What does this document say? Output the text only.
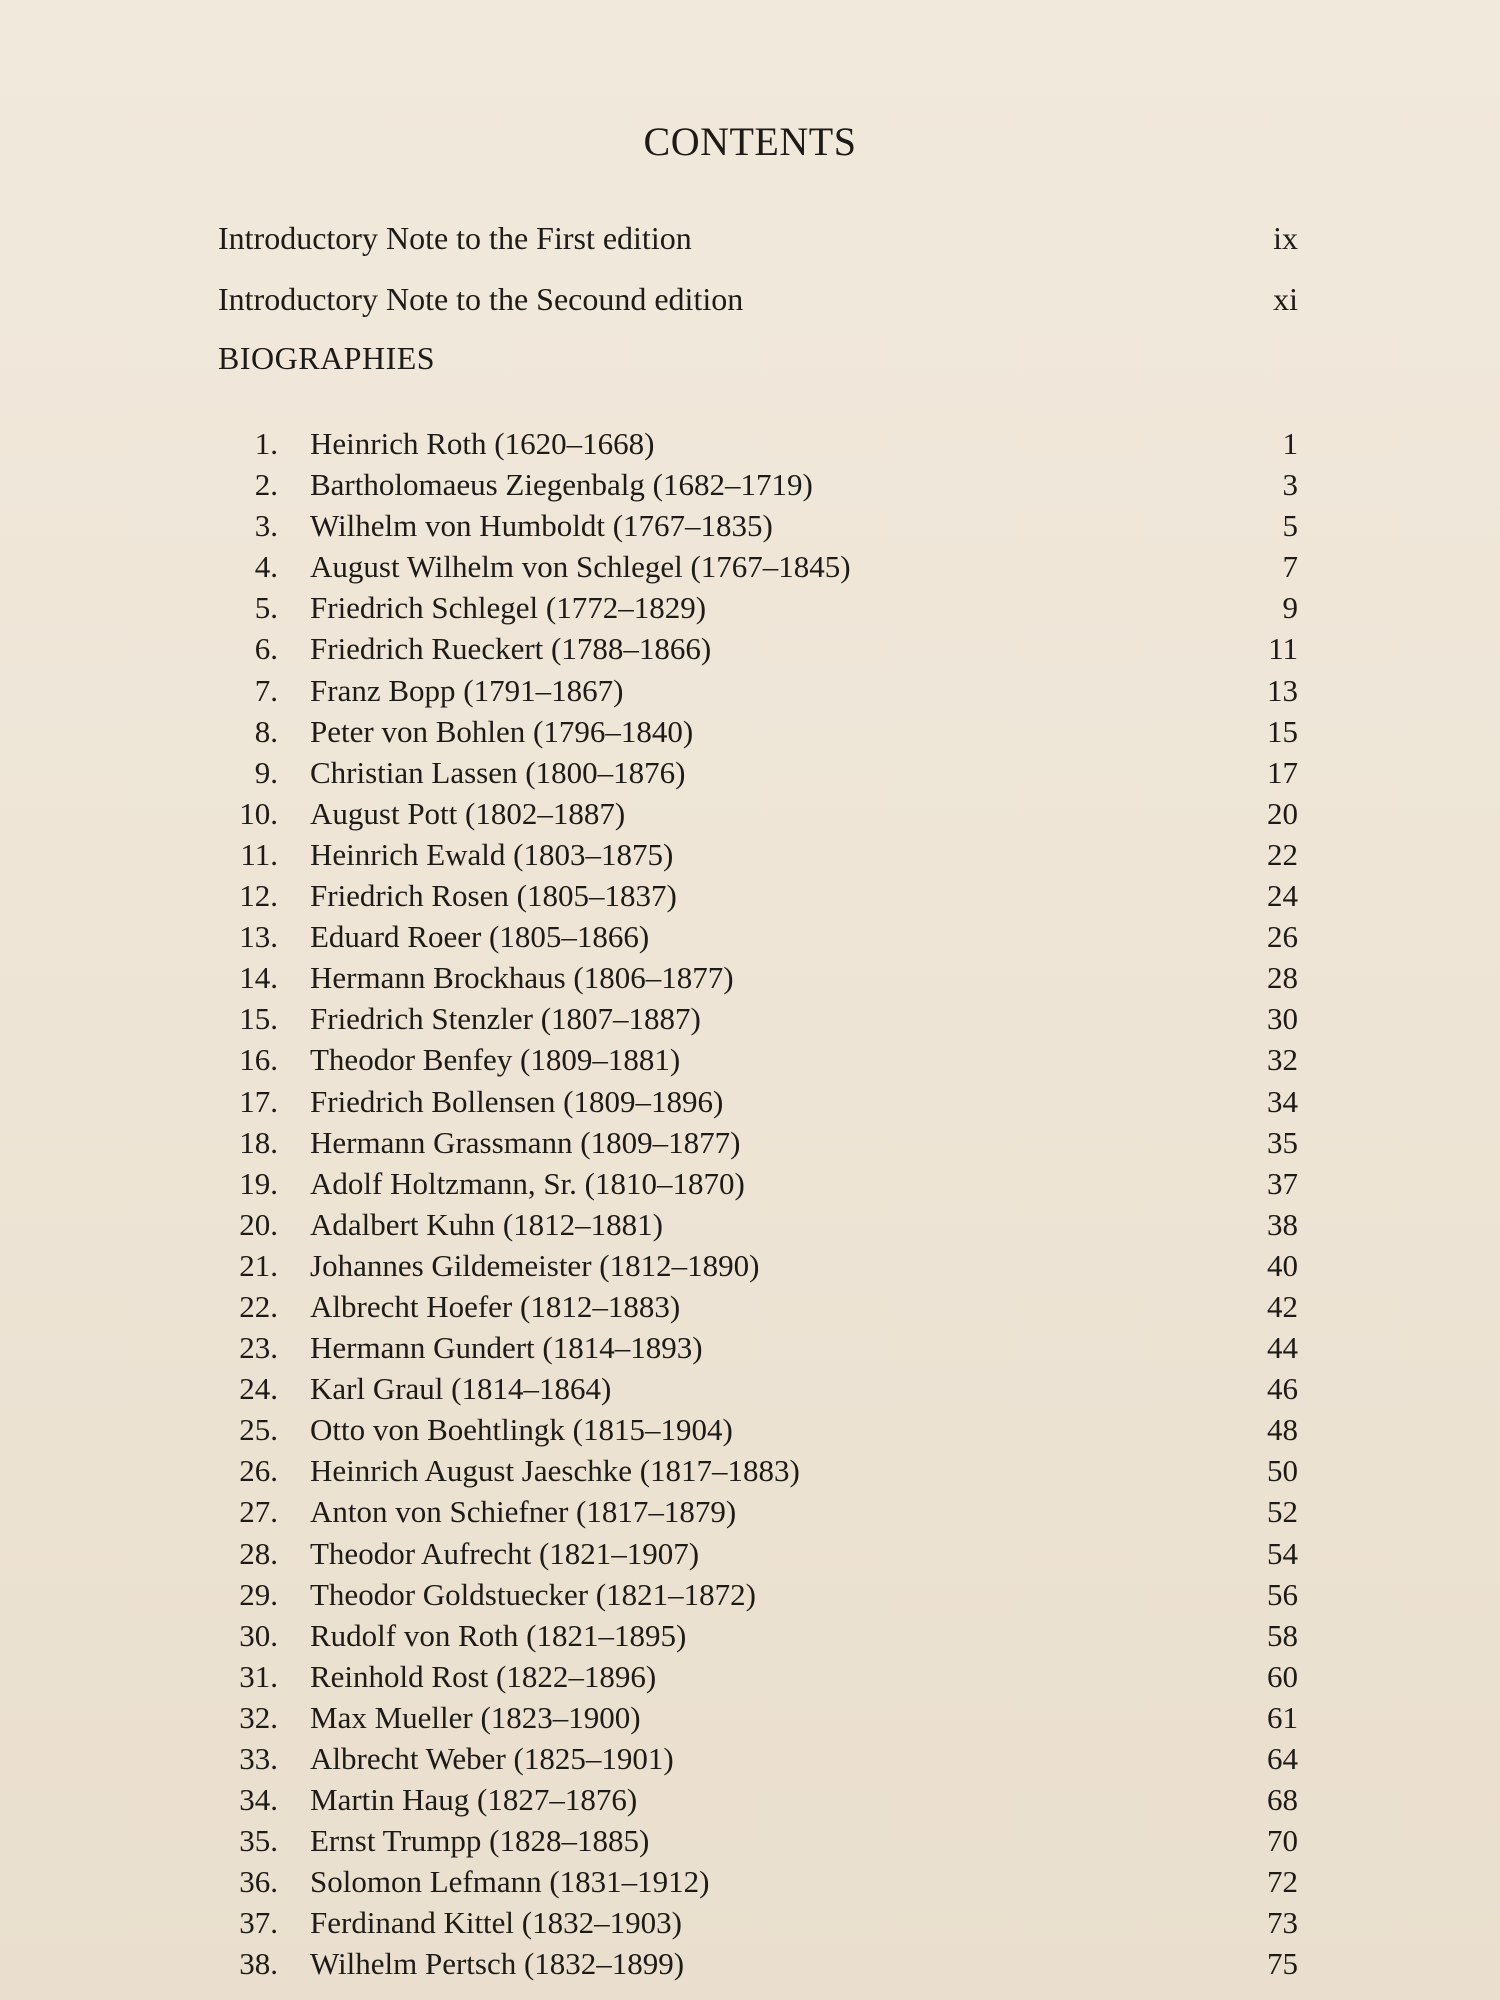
CONTENTS
Introductory Note to the First edition	ix
Introductory Note to the Secound edition	xi
BIOGRAPHIES
1. Heinrich Roth (1620–1668)	1
2. Bartholomaeus Ziegenbalg (1682–1719)	3
3. Wilhelm von Humboldt (1767–1835)	5
4. August Wilhelm von Schlegel (1767–1845)	7
5. Friedrich Schlegel (1772–1829)	9
6. Friedrich Rueckert (1788–1866)	11
7. Franz Bopp (1791–1867)	13
8. Peter von Bohlen (1796–1840)	15
9. Christian Lassen (1800–1876)	17
10. August Pott (1802–1887)	20
11. Heinrich Ewald (1803–1875)	22
12. Friedrich Rosen (1805–1837)	24
13. Eduard Roeer (1805–1866)	26
14. Hermann Brockhaus (1806–1877)	28
15. Friedrich Stenzler (1807–1887)	30
16. Theodor Benfey (1809–1881)	32
17. Friedrich Bollensen (1809–1896)	34
18. Hermann Grassmann (1809–1877)	35
19. Adolf Holtzmann, Sr. (1810–1870)	37
20. Adalbert Kuhn (1812–1881)	38
21. Johannes Gildemeister (1812–1890)	40
22. Albrecht Hoefer (1812–1883)	42
23. Hermann Gundert (1814–1893)	44
24. Karl Graul (1814–1864)	46
25. Otto von Boehtlingk (1815–1904)	48
26. Heinrich August Jaeschke (1817–1883)	50
27. Anton von Schiefner (1817–1879)	52
28. Theodor Aufrecht (1821–1907)	54
29. Theodor Goldstuecker (1821–1872)	56
30. Rudolf von Roth (1821–1895)	58
31. Reinhold Rost (1822–1896)	60
32. Max Mueller (1823–1900)	61
33. Albrecht Weber (1825–1901)	64
34. Martin Haug (1827–1876)	68
35. Ernst Trumpp (1828–1885)	70
36. Solomon Lefmann (1831–1912)	72
37. Ferdinand Kittel (1832–1903)	73
38. Wilhelm Pertsch (1832–1899)	75
